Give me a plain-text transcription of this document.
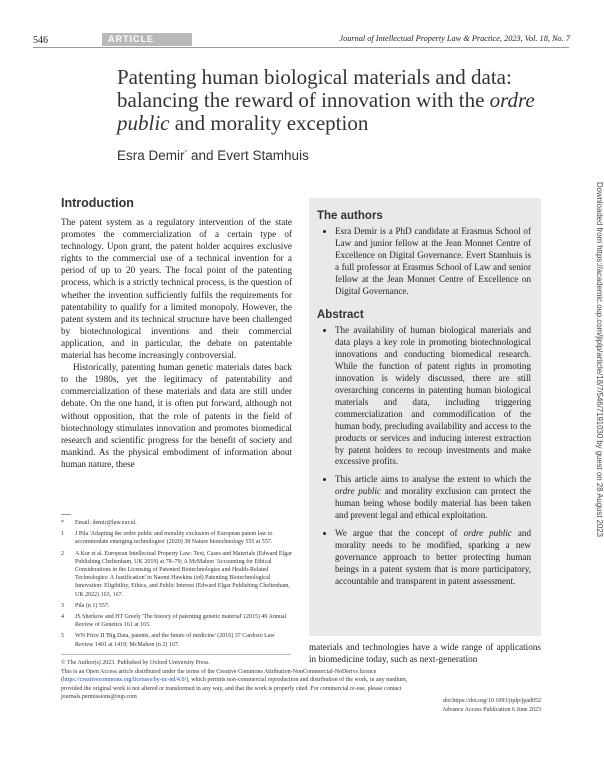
546	ARTICLE	Journal of Intellectual Property Law & Practice, 2023, Vol. 18, No. 7
Patenting human biological materials and data:
balancing the reward of innovation with the ordre
public and morality exception
Esra Demir* and Evert Stamhuis
Introduction

The patent system as a regulatory intervention of the state promotes the commercialization of a certain type of technology. Upon grant, the patent holder acquires exclusive rights to the commercial use of a technical invention for a period of up to 20 years. The focal point of the patenting process, which is a strictly technical process, is the question of whether the invention sufficiently fulfils the requirements for patentability to qualify for a limited monopoly. However, the patent system and its technical structure have been challenged by biotechnological inventions and their commercial application, and in particular, the debate on patentable material has become increasingly controversial.

Historically, patenting human genetic materials dates back to the 1980s, yet the legitimacy of patentability and commercialization of these materials and data are still under debate. On the one hand, it is often put forward, although not without opposition, that the role of patents in the field of biotechnology stimulates innovation and promotes biomedical research and scientific progress for the benefit of society and mankind. As the physical embodiment of information about human nature, these

The authors
• Esra Demir is a PhD candidate at Erasmus School of Law and junior fellow at the Jean Monnet Centre of Excellence on Digital Governance. Evert Stamhuis is a full professor at Erasmus School of Law and senior fellow at the Jean Monnet Centre of Excellence on Digital Governance.
Abstract
• The availability of human biological materials and data plays a key role in promoting biotechnological innovations and conducting biomedical research. While the function of patent rights in promoting innovation is widely discussed, there are still overarching concerns in patenting human biological materials and data, including triggering commercialization and commodification of the human body, precluding availability and access to the products or services and inducing interest extraction by patent holders to recoup investments and make excessive profits.
• This article aims to analyse the extent to which the ordre public and morality exclusion can protect the human being whose bodily material has been taken and prevent legal and ethical exploitation.
• We argue that the concept of ordre public and morality needs to be modified, sparking a new governance approach to better protecting human beings in a patent system that is more participatory, accountable and transparent in patent assessment.
*	Email: demir@law.eur.nl.
1	J Pila 'Adapting the ordre public and morality exclusion of European patent law to accommodate emerging technologies' (2020) 38 Nature biotechnology 555 at 557.
2	A Kur et al. European Intellectual Property Law: Text, Cases and Materials (Edward Elgar Publishing Cheltenham, UK 2019) at 78–79; A McMahon 'Accounting for Ethical Considerations in the Licensing of Patented Biotechnologies and Health-Related Technologies: A Justification' in Naomi Hawkins (ed) Patenting Biotechnological Innovation: Eligibility, Ethics, and Public Interest (Edward Elgar Publishing Cheltenham, UK 2022) 163, 167.
3	Pila (n 1) 557.
4	JS Sherkow and HT Greely 'The history of patenting genetic material' (2015) 49 Annual Review of Genetics 161 at 165.
5	WN Price II 'Big Data, patents, and the future of medicine' (2016) 37 Cardozo Law Review 1401 at 1419; McMahon (n 2) 167.	materials and technologies have a wide range of applications in biomedicine today, such as next-generation
© The Author(s) 2023. Published by Oxford University Press.
This is an Open Access article distributed under the terms of the Creative Commons Attribution-NonCommercial-NoDerivs licence (https://creativecommons.org/licenses/by-nc-nd/4.0/), which permits non-commercial reproduction and distribution of the work, in any medium, provided the original work is not altered or transformed in any way, and that the work is properly cited. For commercial re-use, please contact journals.permissions@oup.com
doi:https://doi.org/10.1093/jiplp/jpad052
Advance Access Publication 6 June 2023
Downloaded from https://academic.oup.com/jiplp/article/18/7/546/7191030 by guest on 28 August 2023
